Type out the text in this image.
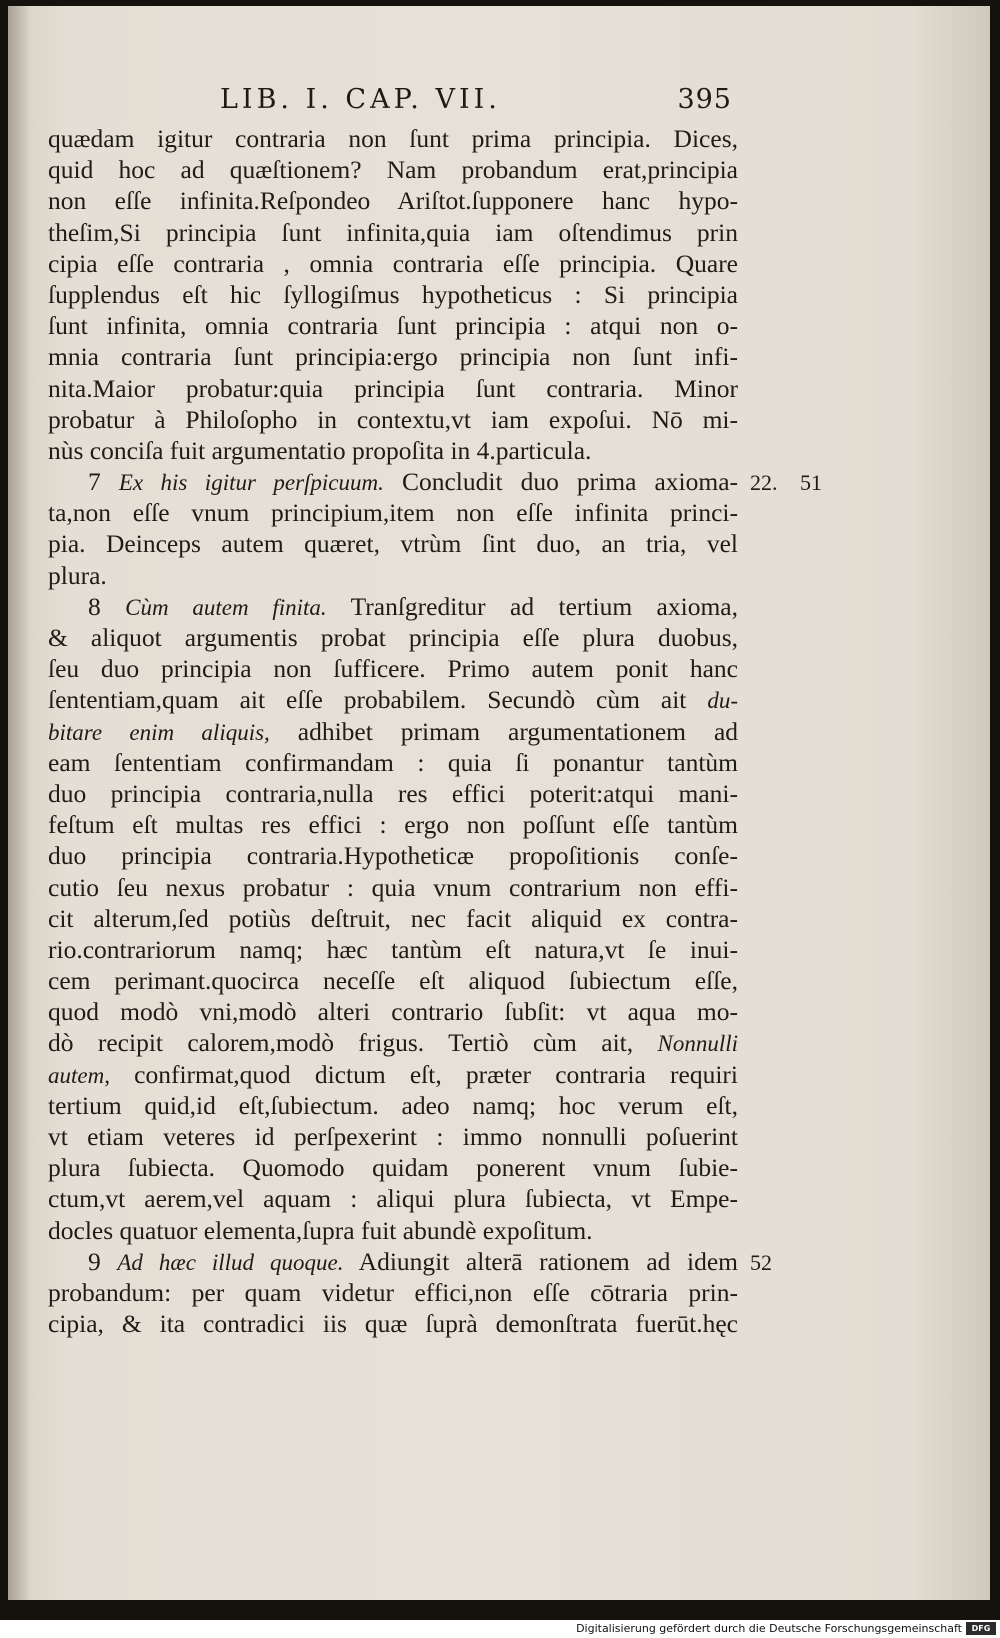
LIB. I. CAP. VII.	395
quædam igitur contraria non ſunt prima principia. Dices,
quid hoc ad quæſtionem? Nam probandum erat,principia
non eſſe infinita.Reſpondeo Ariſtot.ſupponere hanc hypo-
theſim,Si principia ſunt infinita,quia iam oſtendimus prin
cipia eſſe contraria , omnia contraria eſſe principia. Quare
ſupplendus eſt hic ſyllogiſmus hypotheticus : Si principia
ſunt infinita, omnia contraria ſunt principia : atqui non o-
mnia contraria ſunt principia:ergo principia non ſunt infi-
nita.Maior probatur:quia principia ſunt contraria. Minor
probatur à Philoſopho in contextu,vt iam expoſui. Nō mi-
nùs conciſa fuit argumentatio propoſita in 4.particula.
7 Ex his igitur perſpicuum. Concludit duo prima axioma-
ta,non eſſe vnum principium,item non eſſe infinita princi-
pia. Deinceps autem quæret, vtrùm ſint duo, an tria, vel
plura.
8 Cùm autem finita. Tranſgreditur ad tertium axioma,
& aliquot argumentis probat principia eſſe plura duobus,
ſeu duo principia non ſufficere. Primo autem ponit hanc
ſententiam,quam ait eſſe probabilem. Secundò cùm ait du-
bitare enim aliquis, adhibet primam argumentationem ad
eam ſententiam confirmandam : quia ſi ponantur tantùm
duo principia contraria,nulla res effici poterit:atqui mani-
feſtum eſt multas res effici : ergo non poſſunt eſſe tantùm
duo principia contraria.Hypotheticæ propoſitionis conſe-
cutio ſeu nexus probatur : quia vnum contrarium non effi-
cit alterum,ſed potiùs deſtruit, nec facit aliquid ex contra-
rio.contrariorum namq; hæc tantùm eſt natura,vt ſe inui-
cem perimant.quocirca neceſſe eſt aliquod ſubiectum eſſe,
quod modò vni,modò alteri contrario ſubſit: vt aqua mo-
dò recipit calorem,modò frigus. Tertiò cùm ait, Nonnulli
autem, confirmat,quod dictum eſt, præter contraria requiri
tertium quid,id eſt,ſubiectum. adeo namq; hoc verum eſt,
vt etiam veteres id perſpexerint : immo nonnulli poſuerint
plura ſubiecta. Quomodo quidam ponerent vnum ſubie-
ctum,vt aerem,vel aquam : aliqui plura ſubiecta, vt Empe-
docles quatuor elementa,ſupra fuit abundè expoſitum.
9 Ad hæc illud quoque. Adiungit alterā rationem ad idem
probandum: per quam videtur effici,non eſſe cōtraria prin-
cipia, & ita contradici iis quæ ſuprà demonſtrata fuerūt.hęc
22. 51
52
Digitalisierung gefördert durch die Deutsche Forschungsgemeinschaft	DFG
